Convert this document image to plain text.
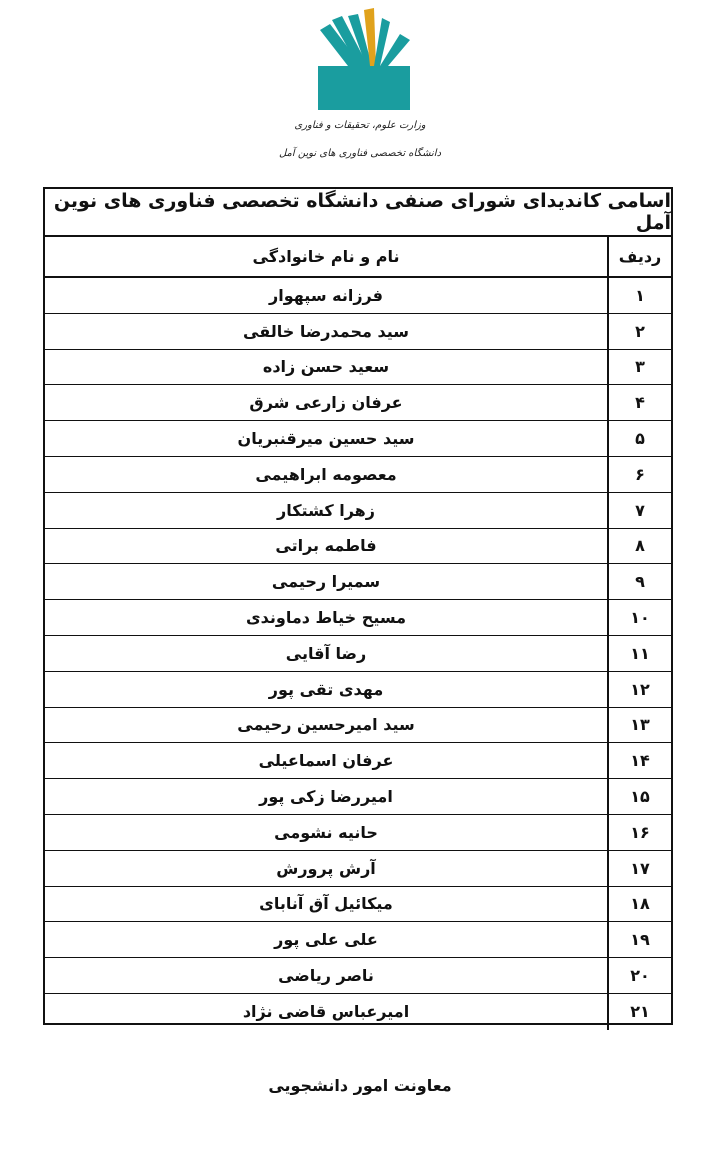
وزارت علوم، تحقیقات و فناوری
دانشگاه تخصصی فناوری های نوین آمل
اسامی کاندیدای شورای صنفی دانشگاه تخصصی فناوری های نوین آمل
ردیف
نام و نام خانوادگی
۱
فرزانه سپهوار
۲
سید محمدرضا خالقی
۳
سعید حسن زاده
۴
عرفان زارعی شرق
۵
سید حسین میرقنبریان
۶
معصومه ابراهیمی
۷
زهرا کشتکار
۸
فاطمه براتی
۹
سمیرا رحیمی
۱۰
مسیح خیاط دماوندی
۱۱
رضا آقایی
۱۲
مهدی تقی پور
۱۳
سید امیرحسین رحیمی
۱۴
عرفان اسماعیلی
۱۵
امیررضا زکی پور
۱۶
حانیه نشومی
۱۷
آرش پرورش
۱۸
میکائیل آق آنابای
۱۹
علی علی پور
۲۰
ناصر ریاضی
۲۱
امیرعباس قاضی نژاد
معاونت امور دانشجویی
